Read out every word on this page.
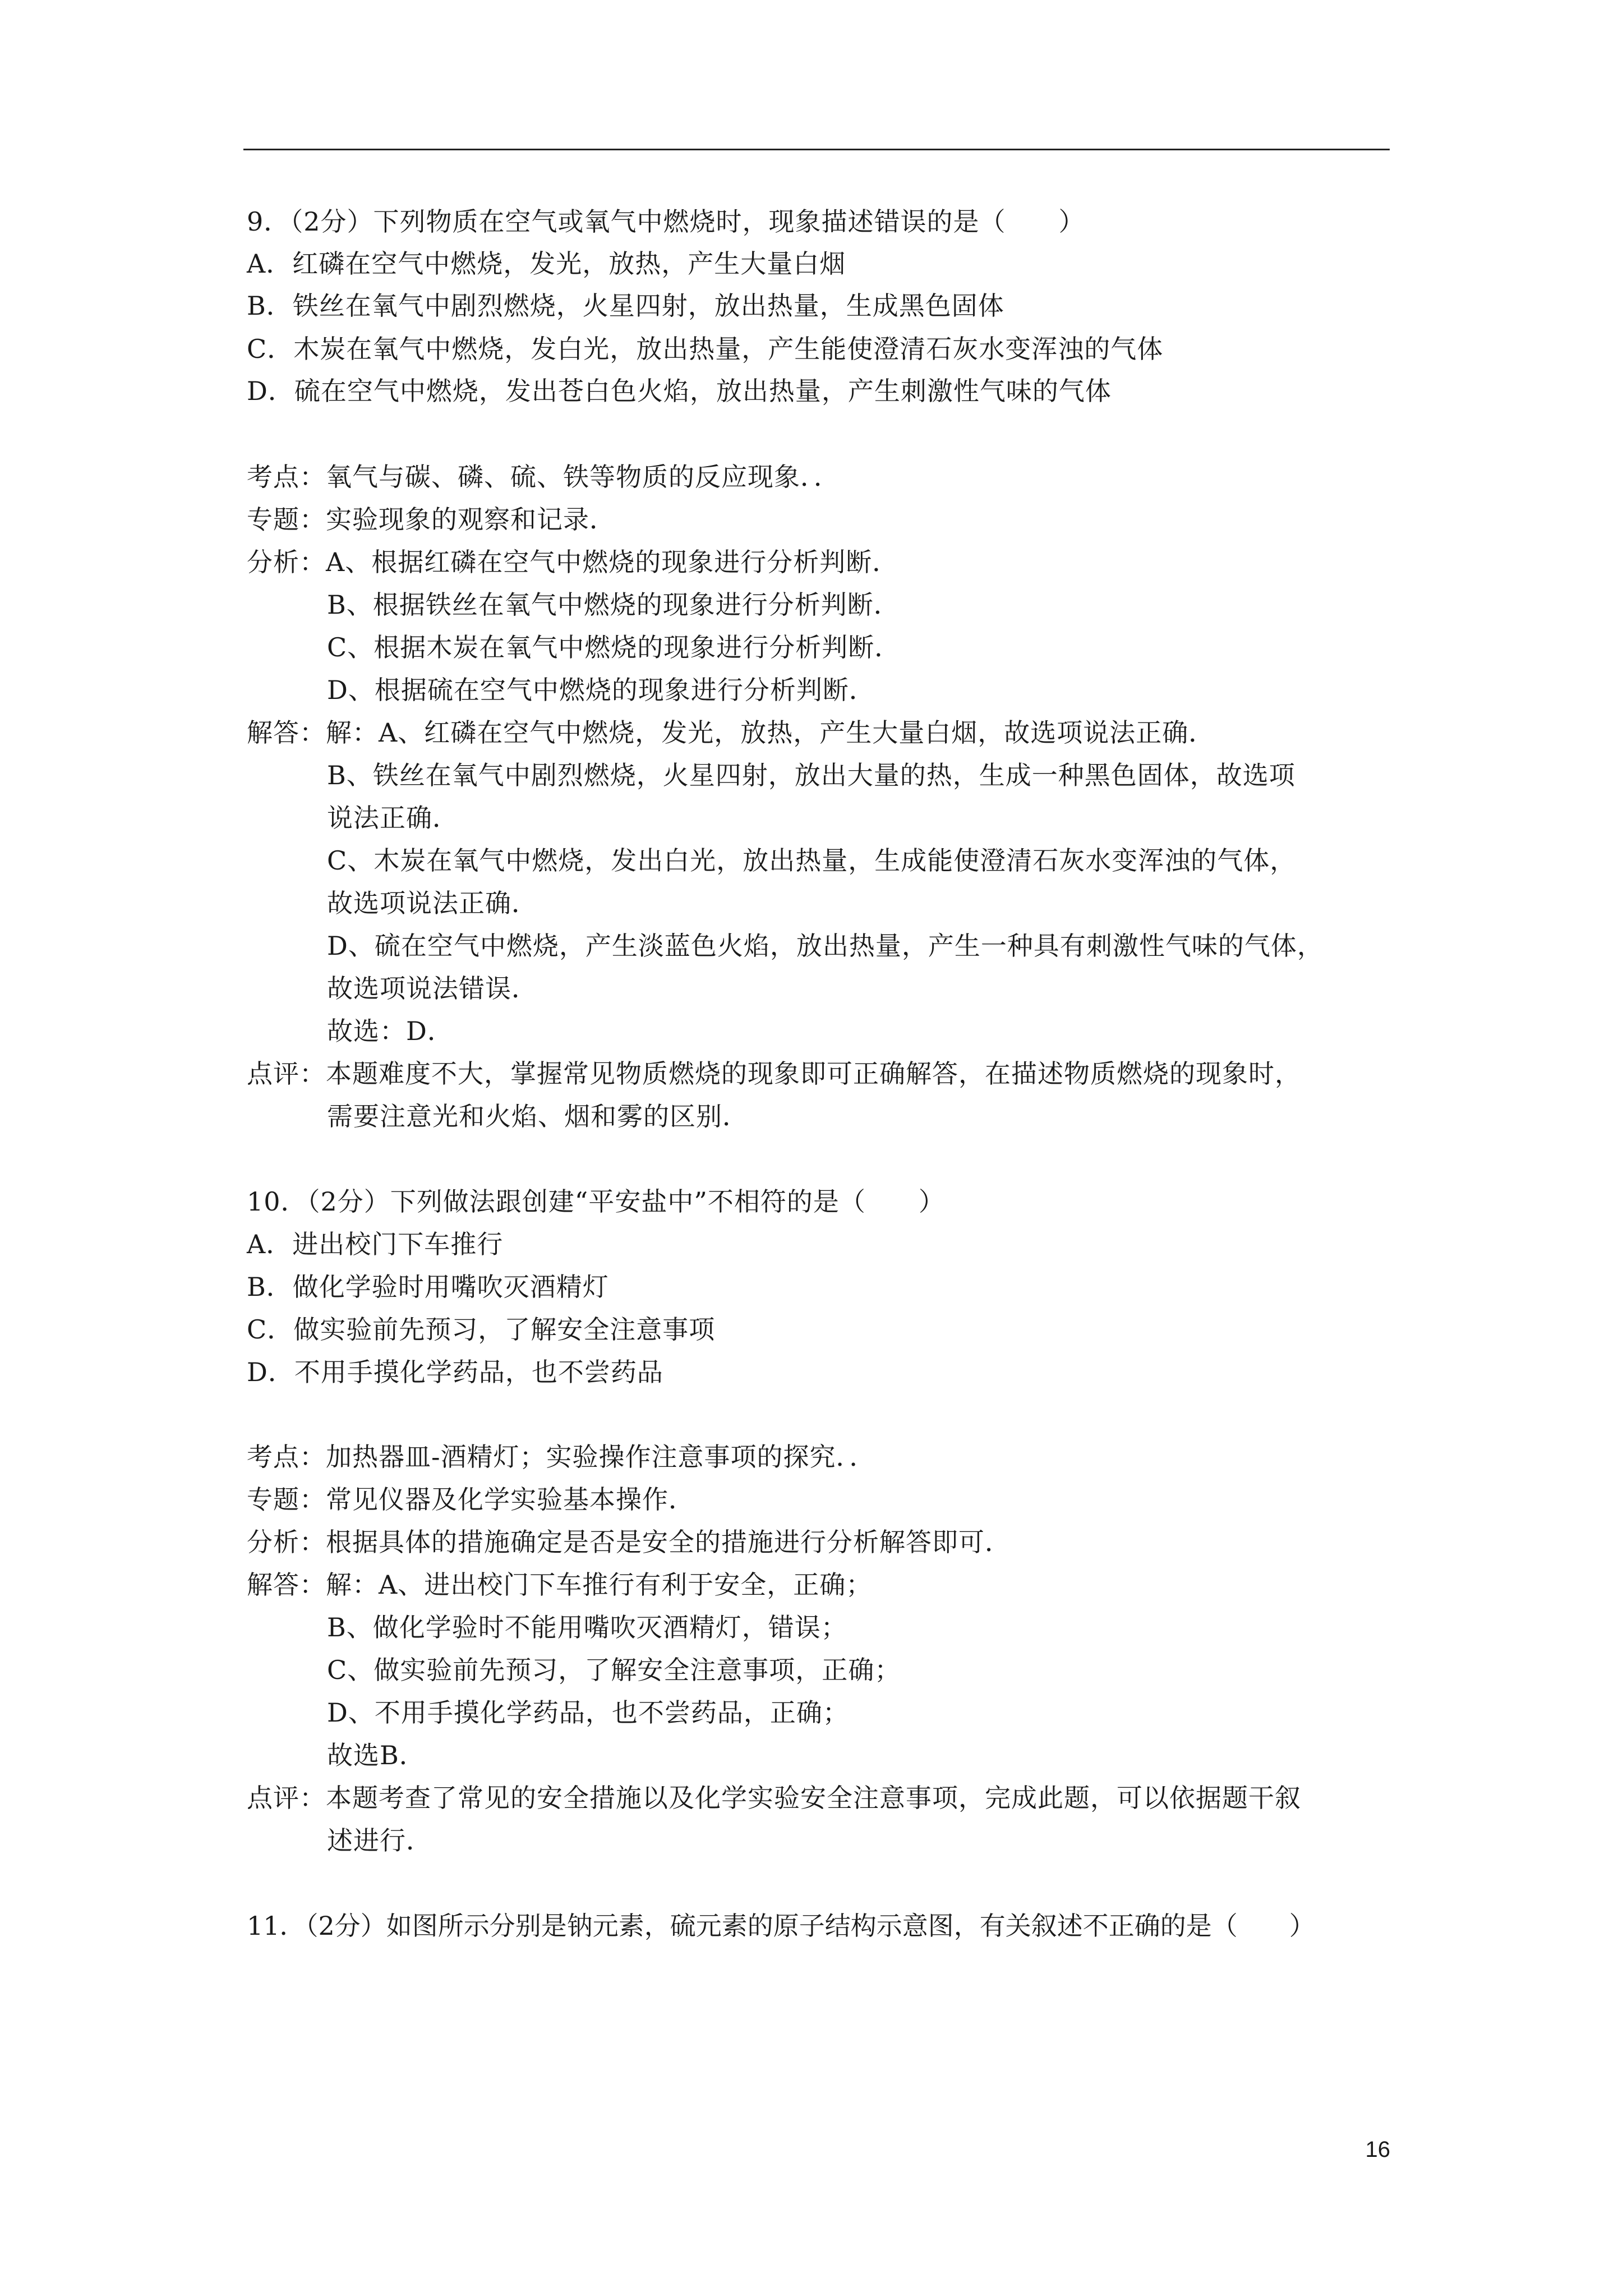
9．（2分）下列物质在空气或氧气中燃烧时，现象描述错误的是（　　）
A．红磷在空气中燃烧，发光，放热，产生大量白烟
B．铁丝在氧气中剧烈燃烧，火星四射，放出热量，生成黑色固体
C．木炭在氧气中燃烧，发白光，放出热量，产生能使澄清石灰水变浑浊的气体
D．硫在空气中燃烧，发出苍白色火焰，放出热量，产生刺激性气味的气体
考点：氧气与碳、磷、硫、铁等物质的反应现象．．
专题：实验现象的观察和记录．
分析：A、根据红磷在空气中燃烧的现象进行分析判断．
B、根据铁丝在氧气中燃烧的现象进行分析判断．
C、根据木炭在氧气中燃烧的现象进行分析判断．
D、根据硫在空气中燃烧的现象进行分析判断．
解答：解：A、红磷在空气中燃烧，发光，放热，产生大量白烟，故选项说法正确．
B、铁丝在氧气中剧烈燃烧，火星四射，放出大量的热，生成一种黑色固体，故选项
说法正确．
C、木炭在氧气中燃烧，发出白光，放出热量，生成能使澄清石灰水变浑浊的气体，
故选项说法正确．
D、硫在空气中燃烧，产生淡蓝色火焰，放出热量，产生一种具有刺激性气味的气体，
故选项说法错误．
故选：D．
点评：本题难度不大，掌握常见物质燃烧的现象即可正确解答，在描述物质燃烧的现象时，
需要注意光和火焰、烟和雾的区别．
10．（2分）下列做法跟创建“平安盐中”不相符的是（　　）
A．进出校门下车推行
B．做化学验时用嘴吹灭酒精灯
C．做实验前先预习，了解安全注意事项
D．不用手摸化学药品，也不尝药品
考点：加热器皿-酒精灯；实验操作注意事项的探究．．
专题：常见仪器及化学实验基本操作．
分析：根据具体的措施确定是否是安全的措施进行分析解答即可．
解答：解：A、进出校门下车推行有利于安全，正确；
B、做化学验时不能用嘴吹灭酒精灯，错误；
C、做实验前先预习，了解安全注意事项，正确；
D、不用手摸化学药品，也不尝药品，正确；
故选B．
点评：本题考查了常见的安全措施以及化学实验安全注意事项，完成此题，可以依据题干叙
述进行．
11．（2分）如图所示分别是钠元素，硫元素的原子结构示意图，有关叙述不正确的是（　　）
16
